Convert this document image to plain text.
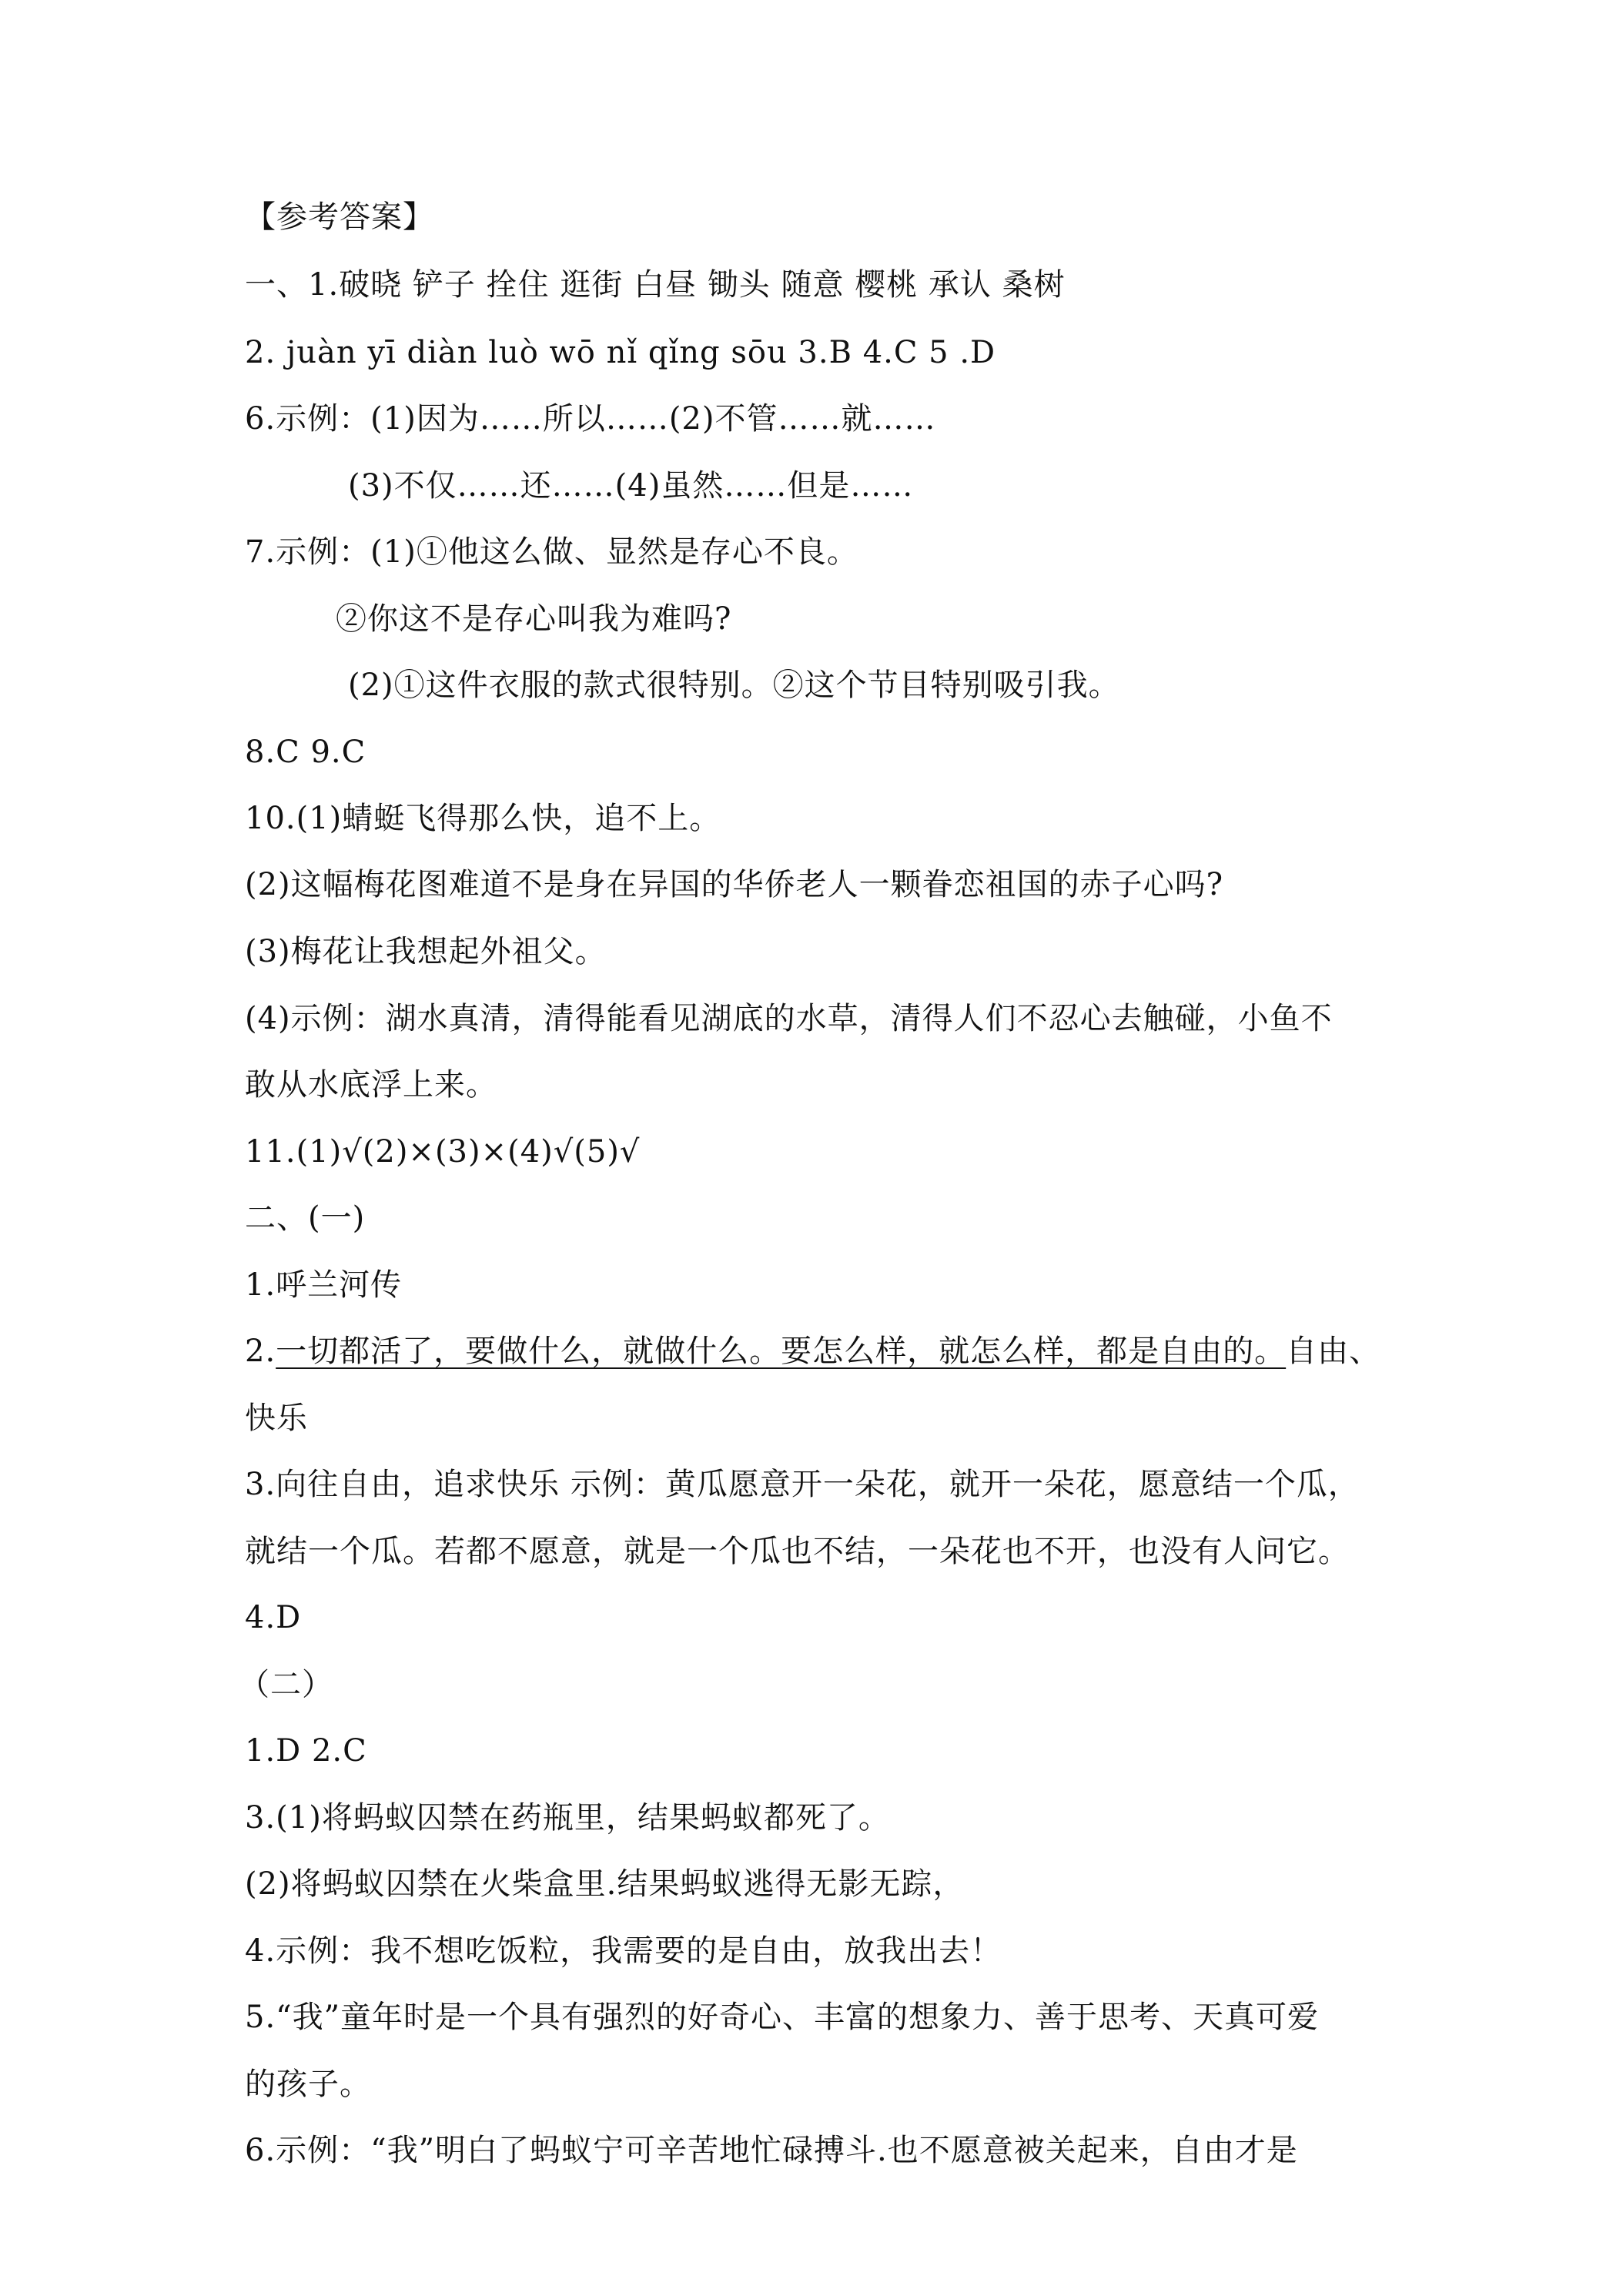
【参考答案】
一、1.破晓 铲子 拴住 逛街 白昼 锄头 随意 樱桃 承认 桑树
2. juàn yī diàn luò wō nǐ qǐng sōu 3.B 4.C 5 .D
6.示例：(1)因为……所以……(2)不管……就……
(3)不仅……还……(4)虽然……但是……
7.示例：(1)①他这么做、显然是存心不良。
②你这不是存心叫我为难吗?
(2)①这件衣服的款式很特别。②这个节目特别吸引我。
8.C 9.C
10.(1)蜻蜓飞得那么快，追不上。
(2)这幅梅花图难道不是身在异国的华侨老人一颗眷恋祖国的赤子心吗?
(3)梅花让我想起外祖父。
(4)示例：湖水真清，清得能看见湖底的水草，清得人们不忍心去触碰，小鱼不
敢从水底浮上来。
11.(1)√(2)×(3)×(4)√(5)√
二、(一)
1.呼兰河传
2.一切都活了，要做什么，就做什么。要怎么样，就怎么样，都是自由的。自由、
快乐
3.向往自由，追求快乐 示例：黄瓜愿意开一朵花，就开一朵花，愿意结一个瓜，
就结一个瓜。若都不愿意，就是一个瓜也不结，一朵花也不开，也没有人问它。
4.D
（二）
1.D 2.C
3.(1)将蚂蚁囚禁在药瓶里，结果蚂蚁都死了。
(2)将蚂蚁囚禁在火柴盒里.结果蚂蚁逃得无影无踪，
4.示例：我不想吃饭粒，我需要的是自由，放我出去！
5.“我”童年时是一个具有强烈的好奇心、丰富的想象力、善于思考、天真可爱
的孩子。
6.示例：“我”明白了蚂蚁宁可辛苦地忙碌搏斗.也不愿意被关起来，自由才是
